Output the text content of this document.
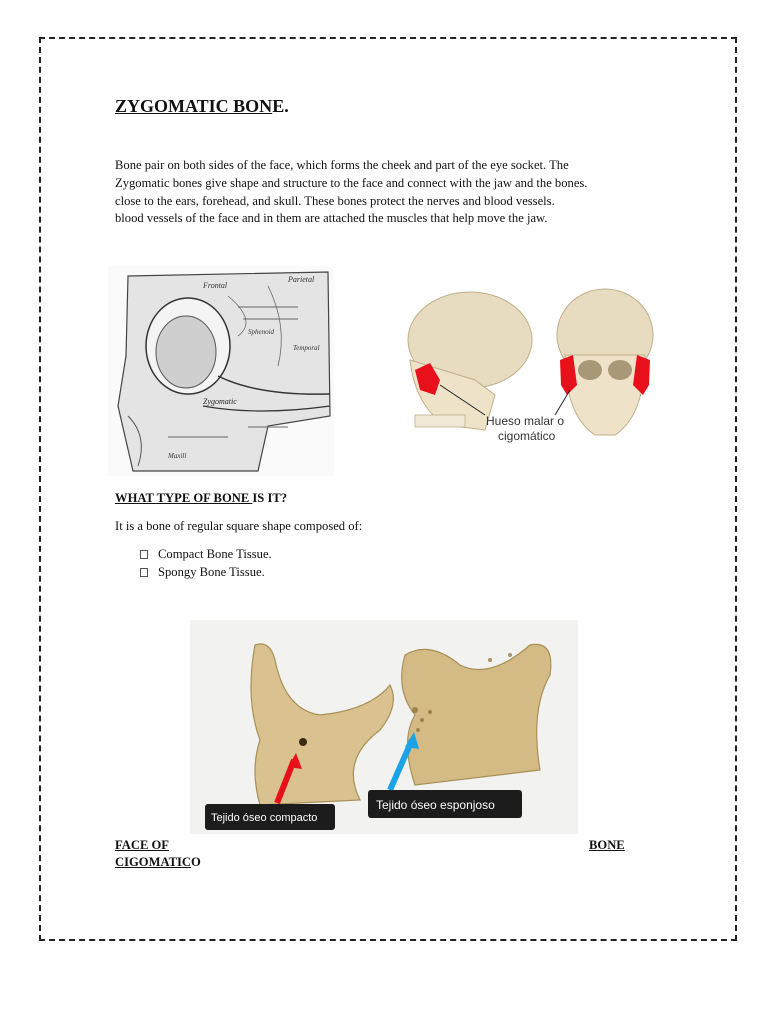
ZYGOMATIC BONE.
Bone pair on both sides of the face, which forms the cheek and part of the eye socket. The
Zygomatic bones give shape and structure to the face and connect with the jaw and the bones.
close to the ears, forehead, and skull. These bones protect the nerves and blood vessels.
blood vessels of the face and in them are attached the muscles that help move the jaw.
Frontal
Parietal
Sphenoid
Temporal
Zygomatic
Maxill
Hueso malar o
cigomático
WHAT TYPE OF BONE IS IT?

It is a bone of regular square shape composed of:

Compact Bone Tissue.
Spongy Bone Tissue.
Tejido óseo compacto
Tejido óseo esponjoso

FACE OF	BONE

CIGOMATICO
